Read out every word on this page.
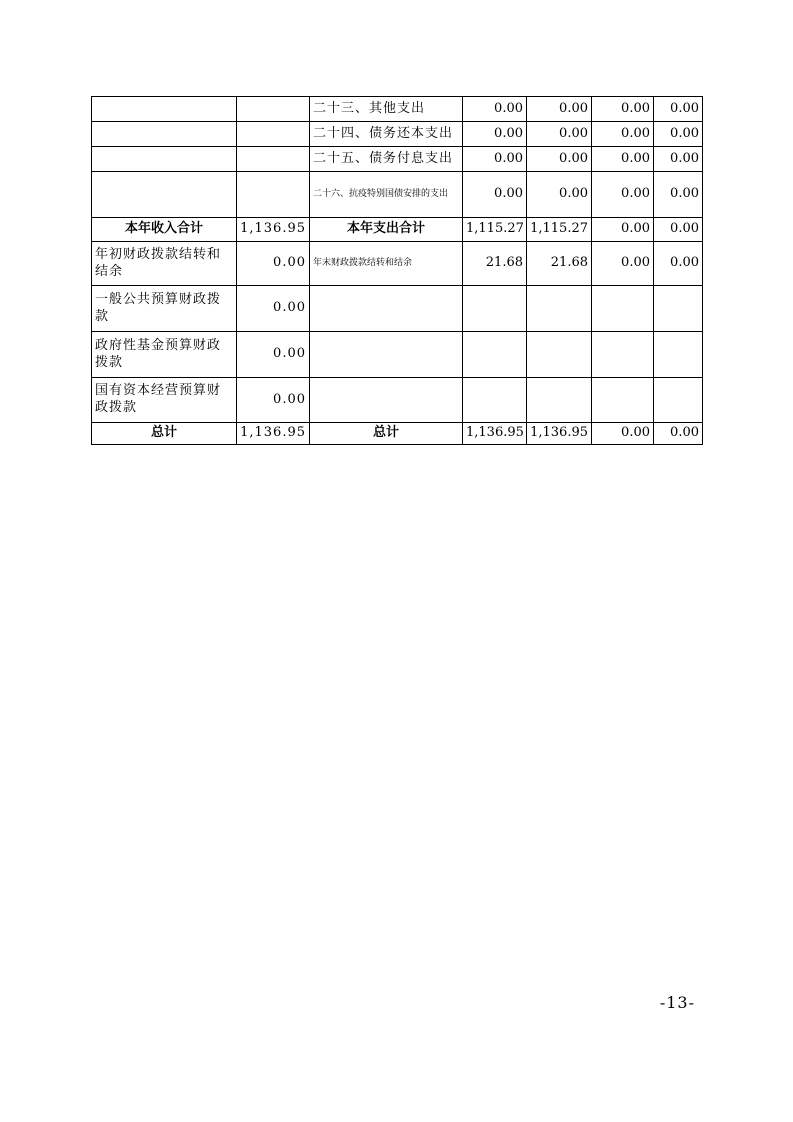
		二十三、其他支出	0.00	0.00	0.00	0.00
		二十四、债务还本支出	0.00	0.00	0.00	0.00
		二十五、债务付息支出	0.00	0.00	0.00	0.00
		二十六、抗疫特别国债安排的支出	0.00	0.00	0.00	0.00
本年收入合计	1,136.95	本年支出合计	1,115.27	1,115.27	0.00	0.00
年初财政拨款结转和结余	0.00	年末财政拨款结转和结余	21.68	21.68	0.00	0.00
一般公共预算财政拨款	0.00					
政府性基金预算财政拨款	0.00					
国有资本经营预算财政拨款	0.00					
总计	1,136.95	总计	1,136.95	1,136.95	0.00	0.00
-13-
